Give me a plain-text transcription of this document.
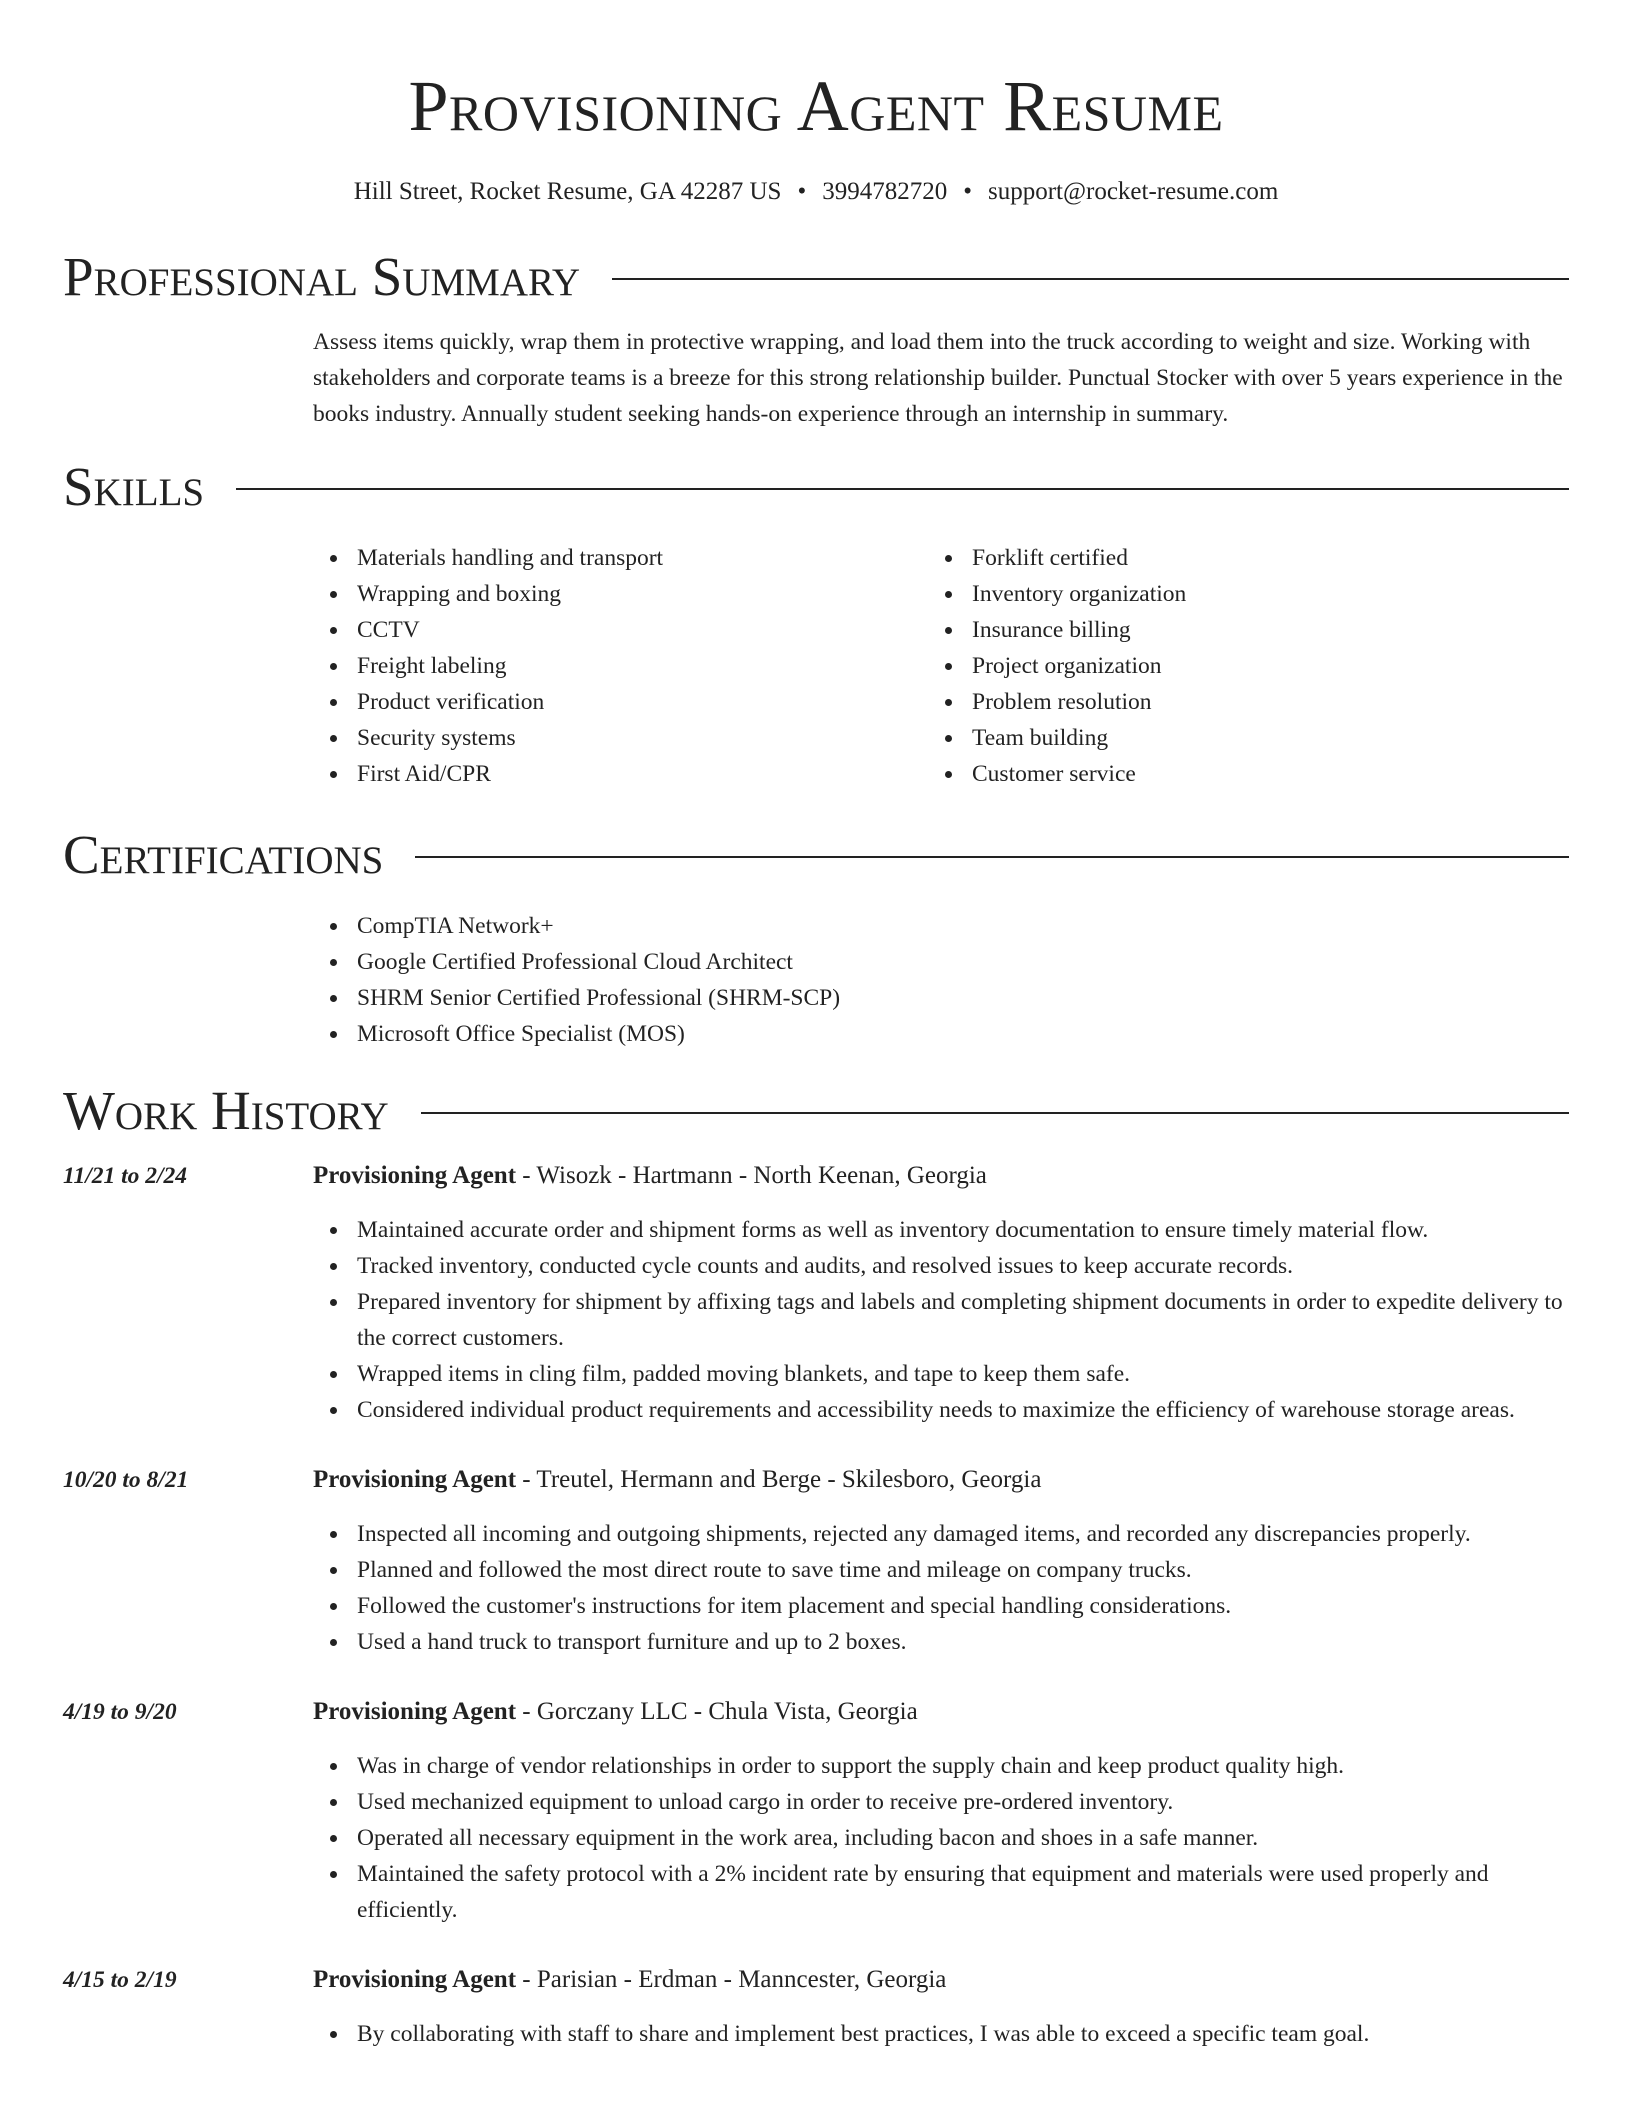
Provisioning Agent Resume
Hill Street, Rocket Resume, GA 42287 US • 3994782720 • support@rocket-resume.com
Professional Summary

Assess items quickly, wrap them in protective wrapping, and load them into the truck according to weight and size. Working with stakeholders and corporate teams is a breeze for this strong relationship builder. Punctual Stocker with over 5 years experience in the books industry. Annually student seeking hands-on experience through an internship in summary.

Skills
Materials handling and transport
Wrapping and boxing
CCTV
Freight labeling
Product verification
Security systems
First Aid/CPR
Forklift certified
Inventory organization
Insurance billing
Project organization
Problem resolution
Team building
Customer service
Certifications
CompTIA Network+
Google Certified Professional Cloud Architect
SHRM Senior Certified Professional (SHRM-SCP)
Microsoft Office Specialist (MOS)
Work History
11/21 to 2/24	Provisioning Agent - Wisozk - Hartmann - North Keenan, Georgia
Maintained accurate order and shipment forms as well as inventory documentation to ensure timely material flow.
Tracked inventory, conducted cycle counts and audits, and resolved issues to keep accurate records.
Prepared inventory for shipment by affixing tags and labels and completing shipment documents in order to expedite delivery to the correct customers.
Wrapped items in cling film, padded moving blankets, and tape to keep them safe.
Considered individual product requirements and accessibility needs to maximize the efficiency of warehouse storage areas.
10/20 to 8/21	Provisioning Agent - Treutel, Hermann and Berge - Skilesboro, Georgia
Inspected all incoming and outgoing shipments, rejected any damaged items, and recorded any discrepancies properly.
Planned and followed the most direct route to save time and mileage on company trucks.
Followed the customer's instructions for item placement and special handling considerations.
Used a hand truck to transport furniture and up to 2 boxes.
4/19 to 9/20	Provisioning Agent - Gorczany LLC - Chula Vista, Georgia
Was in charge of vendor relationships in order to support the supply chain and keep product quality high.
Used mechanized equipment to unload cargo in order to receive pre-ordered inventory.
Operated all necessary equipment in the work area, including bacon and shoes in a safe manner.
Maintained the safety protocol with a 2% incident rate by ensuring that equipment and materials were used properly and efficiently.
4/15 to 2/19	Provisioning Agent - Parisian - Erdman - Manncester, Georgia
By collaborating with staff to share and implement best practices, I was able to exceed a specific team goal.
